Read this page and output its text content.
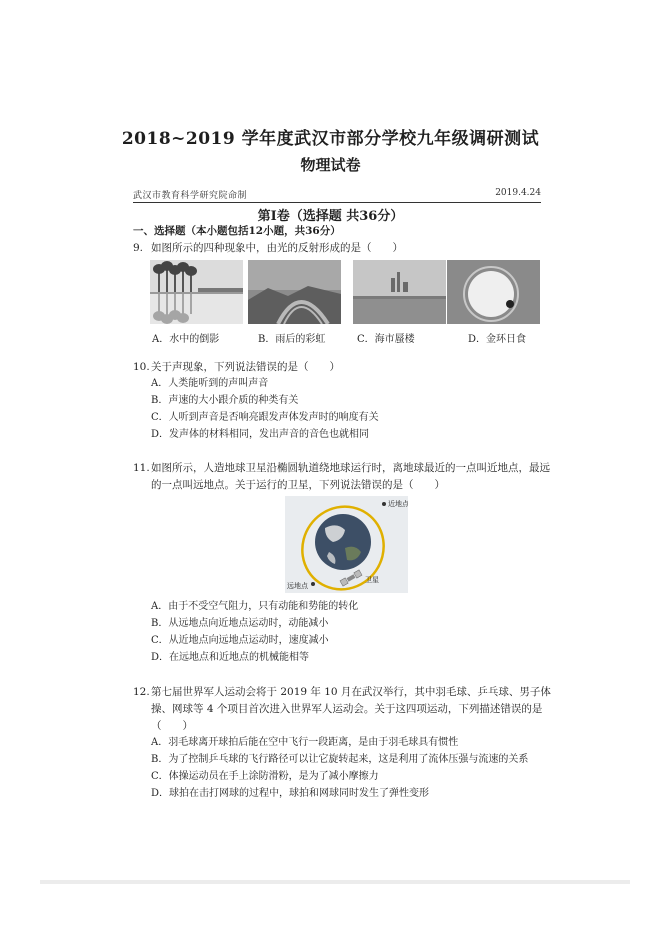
2018~2019 学年度武汉市部分学校九年级调研测试
物理试卷
武汉市教育科学研究院命制	2019.4.24
第Ⅰ卷（选择题 共36分）
一、选择题（本小题包括12小题，共36分）
9. 如图所示的四种现象中，由光的反射形成的是（　　）
A．水中的倒影	B．雨后的彩虹	C．海市蜃楼	D．金环日食
10. 关于声现象，下列说法错误的是（　　）
A．人类能听到的声叫声音
B．声速的大小跟介质的种类有关
C．人听到声音是否响亮跟发声体发声时的响度有关
D．发声体的材料相同，发出声音的音色也就相同
11. 如图所示，人造地球卫星沿椭圆轨道绕地球运行时，离地球最近的一点叫近地点，最远
的一点叫远地点。关于运行的卫星，下列说法错误的是（　　）
近地点
远地点
卫星
A．由于不受空气阻力，只有动能和势能的转化
B．从远地点向近地点运动时，动能减小
C．从近地点向远地点运动时，速度减小
D．在远地点和近地点的机械能相等
12. 第七届世界军人运动会将于 2019 年 10 月在武汉举行，其中羽毛球、乒乓球、男子体
操、网球等 4 个项目首次进入世界军人运动会。关于这四项运动，下列描述错误的是
（　　）
A．羽毛球离开球拍后能在空中飞行一段距离，是由于羽毛球具有惯性
B．为了控制乒乓球的飞行路径可以让它旋转起来，这是利用了流体压强与流速的关系
C．体操运动员在手上涂防滑粉，是为了减小摩擦力
D．球拍在击打网球的过程中，球拍和网球同时发生了弹性变形
